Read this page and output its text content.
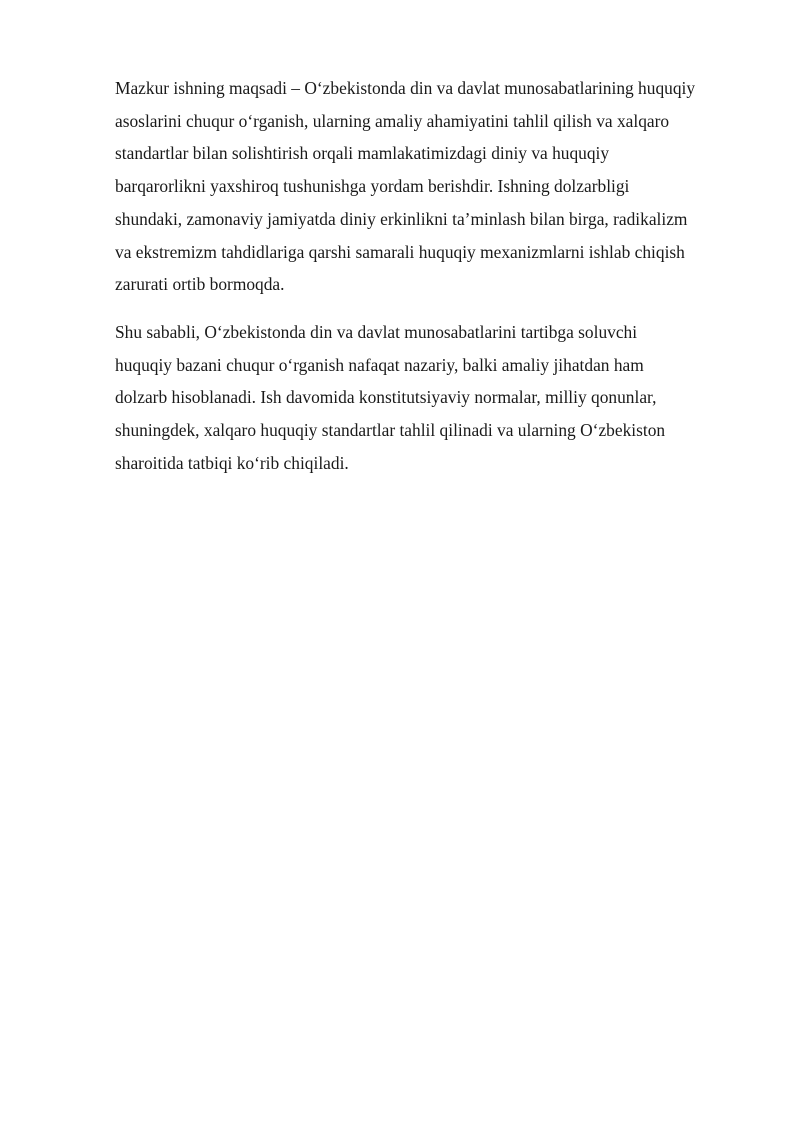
Mazkur ishning maqsadi – O‘zbekistonda din va davlat munosabatlarining huquqiy
asoslarini chuqur o‘rganish, ularning amaliy ahamiyatini tahlil qilish va xalqaro
standartlar bilan solishtirish orqali mamlakatimizdagi diniy va huquqiy
barqarorlikni yaxshiroq tushunishga yordam berishdir. Ishning dolzarbligi
shundaki, zamonaviy jamiyatda diniy erkinlikni ta’minlash bilan birga, radikalizm
va ekstremizm tahdidlariga qarshi samarali huquqiy mexanizmlarni ishlab chiqish
zarurati ortib bormoqda.

Shu sababli, O‘zbekistonda din va davlat munosabatlarini tartibga soluvchi
huquqiy bazani chuqur o‘rganish nafaqat nazariy, balki amaliy jihatdan ham
dolzarb hisoblanadi. Ish davomida konstitutsiyaviy normalar, milliy qonunlar,
shuningdek, xalqaro huquqiy standartlar tahlil qilinadi va ularning O‘zbekiston
sharoitida tatbiqi ko‘rib chiqiladi.
